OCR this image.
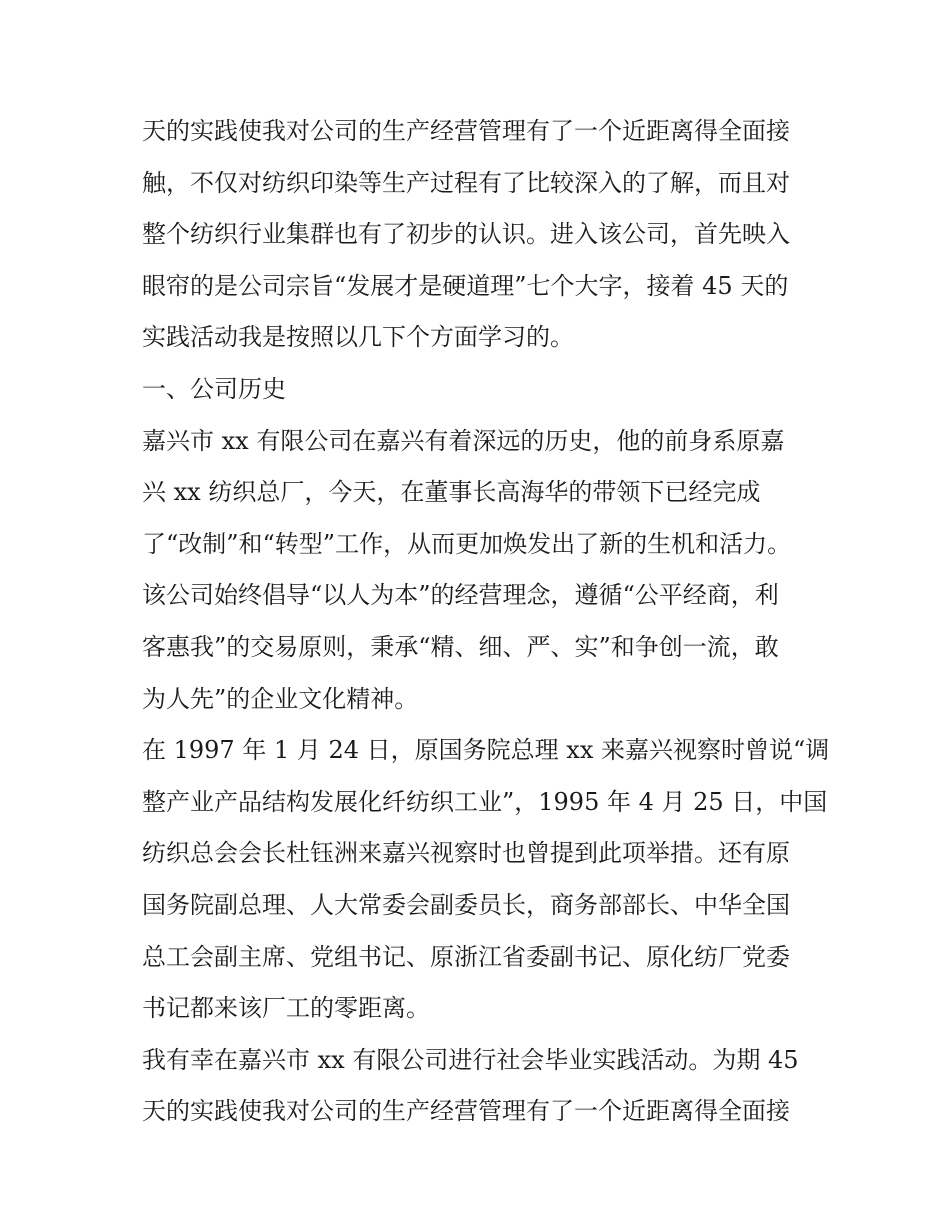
天的实践使我对公司的生产经营管理有了一个近距离得全面接
触，不仅对纺织印染等生产过程有了比较深入的了解，而且对
整个纺织行业集群也有了初步的认识。进入该公司，首先映入
眼帘的是公司宗旨“发展才是硬道理”七个大字，接着 45 天的
实践活动我是按照以几下个方面学习的。
一、公司历史
嘉兴市 xx 有限公司在嘉兴有着深远的历史，他的前身系原嘉
兴 xx 纺织总厂，今天，在董事长高海华的带领下已经完成
了“改制”和“转型”工作，从而更加焕发出了新的生机和活力。
该公司始终倡导“以人为本”的经营理念，遵循“公平经商，利
客惠我”的交易原则，秉承“精、细、严、实”和争创一流，敢
为人先”的企业文化精神。
在 1997 年 1 月 24 日，原国务院总理 xx 来嘉兴视察时曾说“调
整产业产品结构发展化纤纺织工业”，1995 年 4 月 25 日，中国
纺织总会会长杜钰洲来嘉兴视察时也曾提到此项举措。还有原
国务院副总理、人大常委会副委员长，商务部部长、中华全国
总工会副主席、党组书记、原浙江省委副书记、原化纺厂党委
书记都来该厂工的零距离。
我有幸在嘉兴市 xx 有限公司进行社会毕业实践活动。为期 45
天的实践使我对公司的生产经营管理有了一个近距离得全面接
